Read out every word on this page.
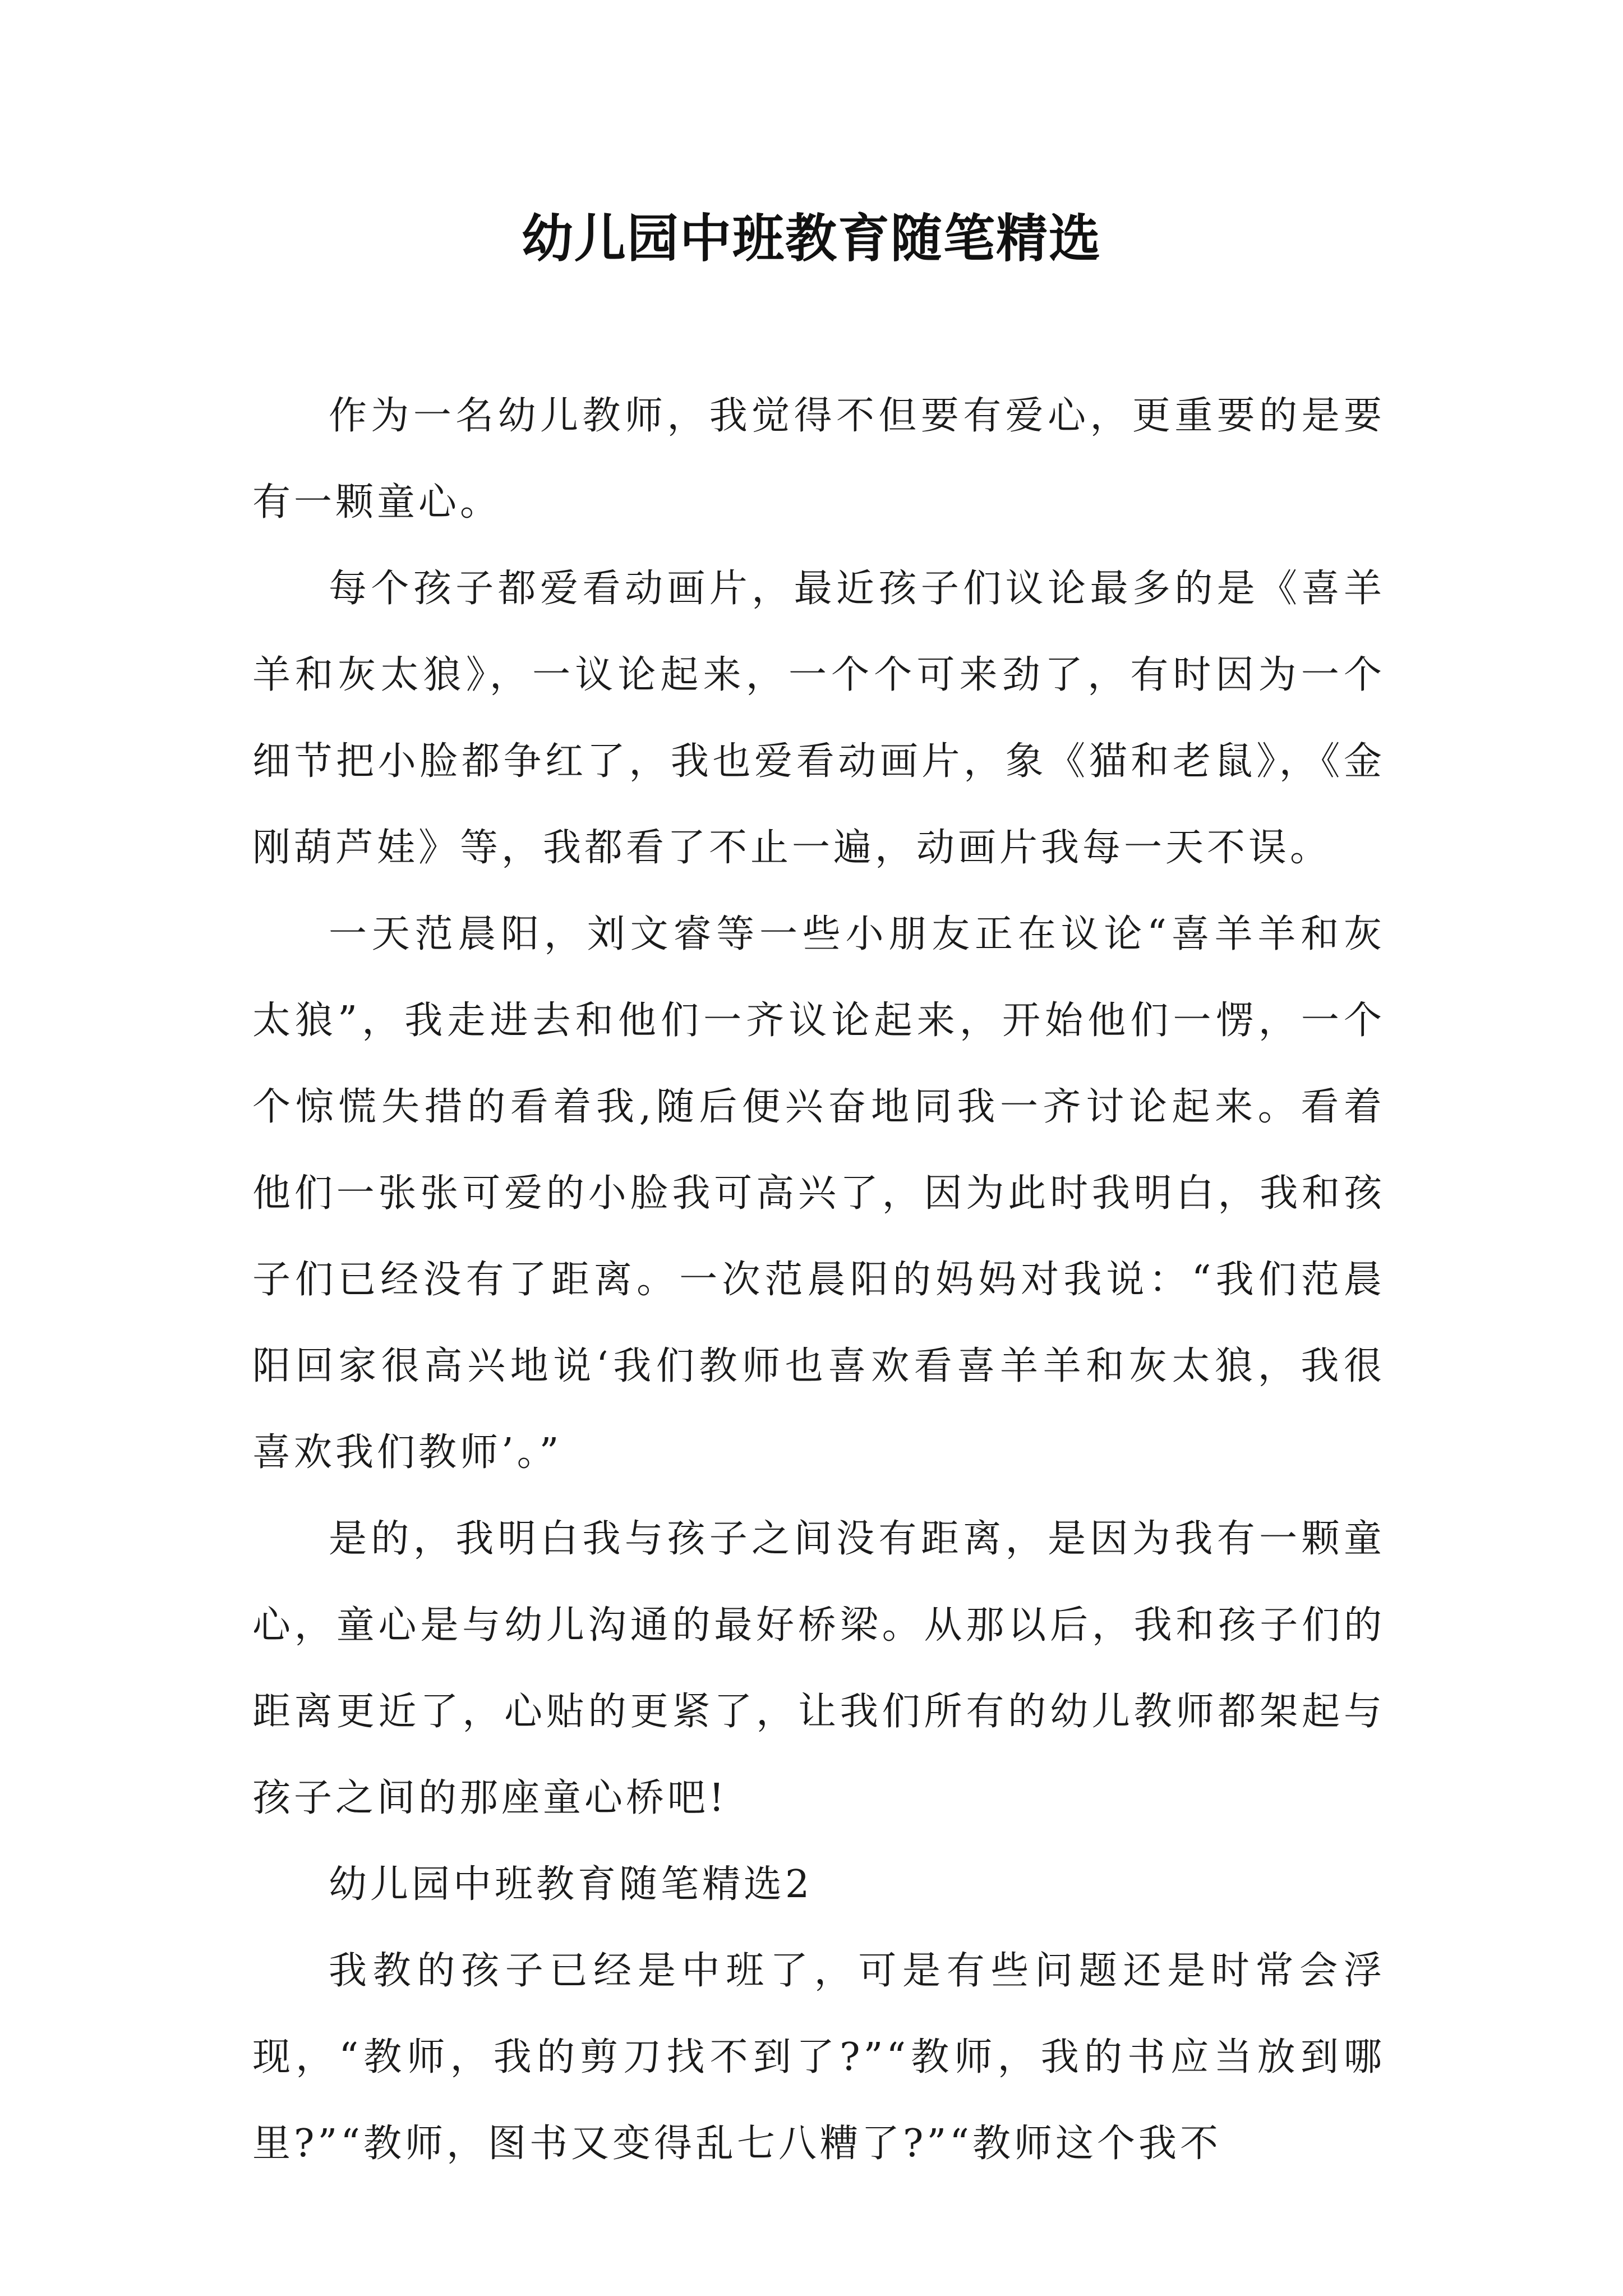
幼儿园中班教育随笔精选

作为一名幼儿教师，我觉得不但要有爱心，更重要的是要有一颗童心。

每个孩子都爱看动画片，最近孩子们议论最多的是《喜羊羊和灰太狼》，一议论起来，一个个可来劲了，有时因为一个细节把小脸都争红了，我也爱看动画片，象《猫和老鼠》，《金刚葫芦娃》等，我都看了不止一遍，动画片我每一天不误。

一天范晨阳，刘文睿等一些小朋友正在议论“喜羊羊和灰太狼”，我走进去和他们一齐议论起来，开始他们一愣，一个个惊慌失措的看着我,随后便兴奋地同我一齐讨论起来。看着他们一张张可爱的小脸我可高兴了，因为此时我明白，我和孩子们已经没有了距离。一次范晨阳的妈妈对我说：“我们范晨阳回家很高兴地说‘我们教师也喜欢看喜羊羊和灰太狼，我很喜欢我们教师’。”

是的，我明白我与孩子之间没有距离，是因为我有一颗童心，童心是与幼儿沟通的最好桥梁。从那以后，我和孩子们的距离更近了，心贴的更紧了，让我们所有的幼儿教师都架起与孩子之间的那座童心桥吧!

幼儿园中班教育随笔精选2

我教的孩子已经是中班了，可是有些问题还是时常会浮现，“教师，我的剪刀找不到了?”“教师，我的书应当放到哪里?”“教师，图书又变得乱七八糟了?”“教师这个我不
